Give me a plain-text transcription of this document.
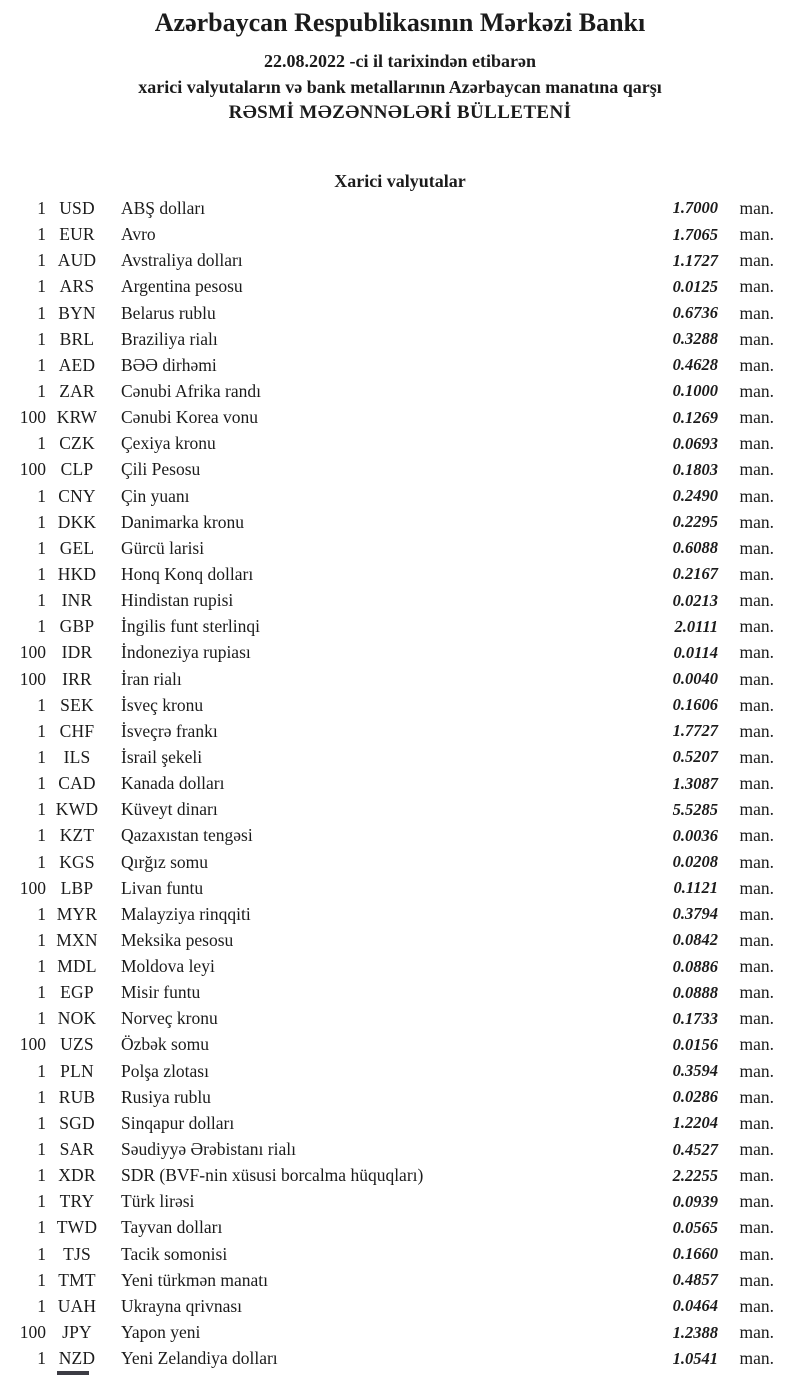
Azərbaycan Respublikasının Mərkəzi Bankı
22.08.2022 -ci il tarixindən etibarən
xarici valyutaların və bank metallarının Azərbaycan manatına qarşı
RƏSMİ MƏZƏNNƏLƏRİ BÜLLETENİ
Xarici valyutalar
1 USD	ABŞ dolları	1.7000	man.
1 EUR	Avro	1.7065	man.
1 AUD	Avstraliya dolları	1.1727	man.
1 ARS	Argentina pesosu	0.0125	man.
1 BYN	Belarus rublu	0.6736	man.
1 BRL	Braziliya rialı	0.3288	man.
1 AED	BƏƏ dirhəmi	0.4628	man.
1 ZAR	Cənubi Afrika randı	0.1000	man.
100 KRW	Cənubi Korea vonu	0.1269	man.
1 CZK	Çexiya kronu	0.0693	man.
100 CLP	Çili Pesosu	0.1803	man.
1 CNY	Çin yuanı	0.2490	man.
1 DKK	Danimarka kronu	0.2295	man.
1 GEL	Gürcü larisi	0.6088	man.
1 HKD	Honq Konq dolları	0.2167	man.
1 INR	Hindistan rupisi	0.0213	man.
1 GBP	İngilis funt sterlinqi	2.0111	man.
100 IDR	İndoneziya rupiası	0.0114	man.
100 IRR	İran rialı	0.0040	man.
1 SEK	İsveç kronu	0.1606	man.
1 CHF	İsveçrə frankı	1.7727	man.
1	ILS	İsrail şekeli	0.5207	man.
1 CAD	Kanada dolları	1.3087	man.
1 KWD	Küveyt dinarı	5.5285	man.
1 KZT	Qazaxıstan tengəsi	0.0036	man.
1 KGS	Qırğız somu	0.0208	man.
100 LBP	Livan funtu	0.1121	man.
1 MYR	Malayziya rinqqiti	0.3794	man.
1 MXN	Meksika pesosu	0.0842	man.
1 MDL	Moldova leyi	0.0886	man.
1 EGP	Misir funtu	0.0888	man.
1 NOK	Norveç kronu	0.1733	man.
100 UZS	Özbək somu	0.0156	man.
1 PLN	Polşa zlotası	0.3594	man.
1 RUB	Rusiya rublu	0.0286	man.
1 SGD	Sinqapur dolları	1.2204	man.
1 SAR	Səudiyyə Ərəbistanı rialı	0.4527	man.
1 XDR	SDR (BVF-nin xüsusi borcalma hüquqları)	2.2255	man.
1 TRY	Türk lirəsi	0.0939	man.
1 TWD	Tayvan dolları	0.0565	man.
1 TJS	Tacik somonisi	0.1660	man.
1 TMT	Yeni türkmən manatı	0.4857	man.
1 UAH	Ukrayna qrivnası	0.0464	man.
100 JPY	Yapon yeni	1.2388	man.
1 NZD	Yeni Zelandiya dolları	1.0541	man.
